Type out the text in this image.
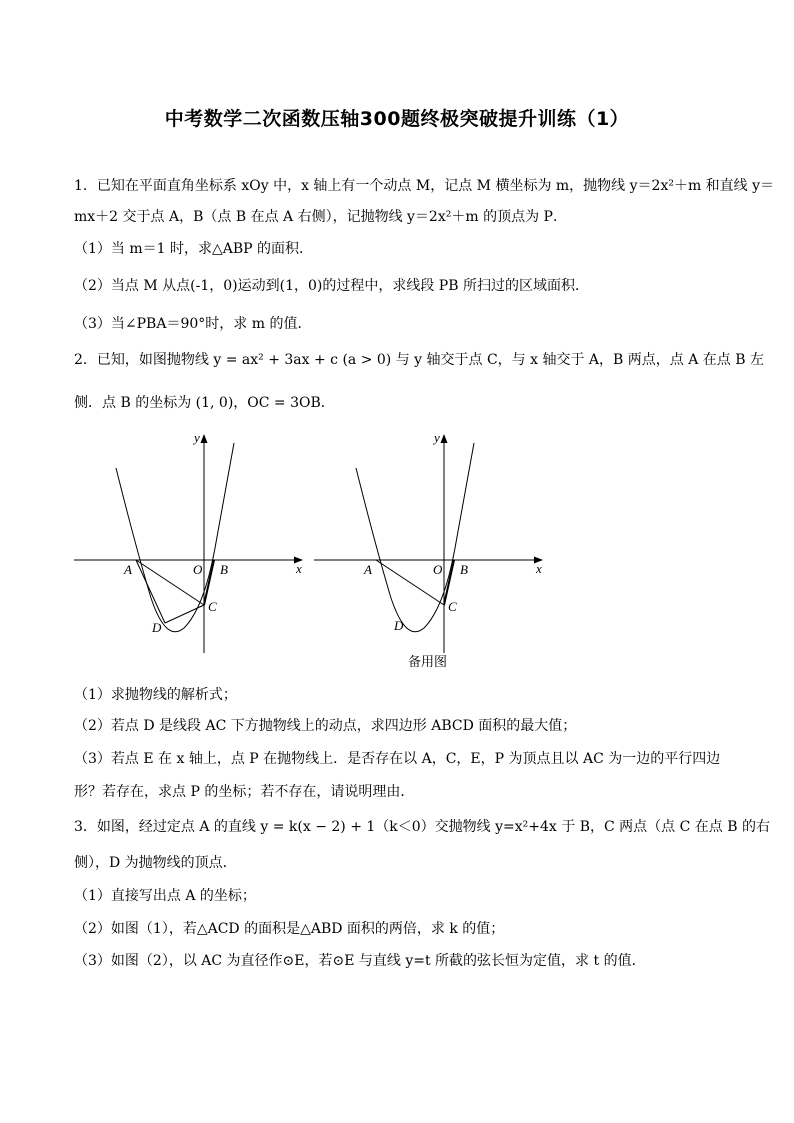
中考数学二次函数压轴300题终极突破提升训练（1）
1．已知在平面直角坐标系 xOy 中，x 轴上有一个动点 M，记点 M 横坐标为 m，抛物线 y＝2x²＋m 和直线 y＝
mx＋2 交于点 A，B（点 B 在点 A 右侧），记抛物线 y＝2x²＋m 的顶点为 P．
（1）当 m＝1 时，求△ABP 的面积．
（2）当点 M 从点(-1，0)运动到(1，0)的过程中，求线段 PB 所扫过的区域面积．
（3）当∠PBA＝90°时，求 m 的值．
2．已知，如图抛物线 y = ax² + 3ax + c (a > 0) 与 y 轴交于点 C，与 x 轴交于 A，B 两点，点 A 在点 B 左
侧．点 B 的坐标为 (1, 0)，OC = 3OB．
y
x
O
A	B
C
D
y
x
O
A	B
C
D
备用图
（1）求抛物线的解析式；
（2）若点 D 是线段 AC 下方抛物线上的动点，求四边形 ABCD 面积的最大值；
（3）若点 E 在 x 轴上，点 P 在抛物线上．是否存在以 A，C，E，P 为顶点且以 AC 为一边的平行四边
形？若存在，求点 P 的坐标；若不存在，请说明理由．
3．如图，经过定点 A 的直线 y = k(x − 2) + 1（k＜0）交抛物线 y=x²+4x 于 B，C 两点（点 C 在点 B 的右
侧），D 为抛物线的顶点．
（1）直接写出点 A 的坐标；
（2）如图（1），若△ACD 的面积是△ABD 面积的两倍，求 k 的值；
（3）如图（2），以 AC 为直径作⊙E，若⊙E 与直线 y=t 所截的弦长恒为定值，求 t 的值．
